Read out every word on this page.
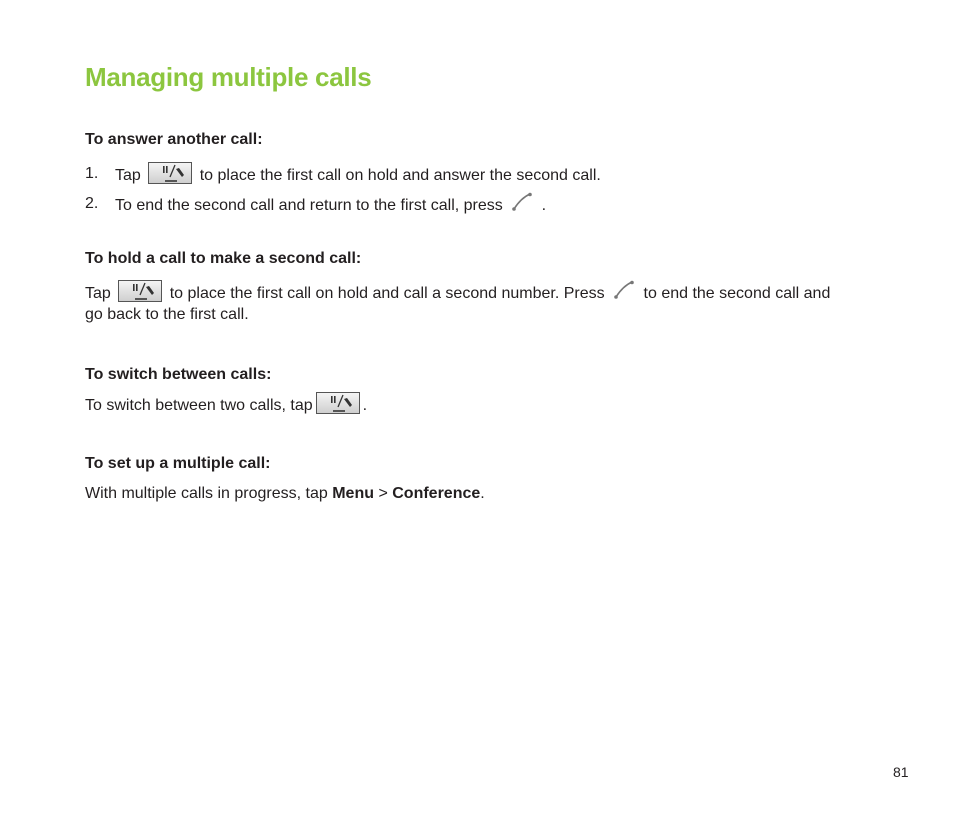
Managing multiple calls
To answer another call:
1. Tap	to place the first call on hold and answer the second call.
2. To end the second call and return to the first call, press .
To hold a call to make a second call:
Tap	to place the first call on hold and call a second number. Press to end the second call and
go back to the first call.
To switch between calls:
To switch between two calls, tap	.
To set up a multiple call:
With multiple calls in progress, tap Menu > Conference.

81
